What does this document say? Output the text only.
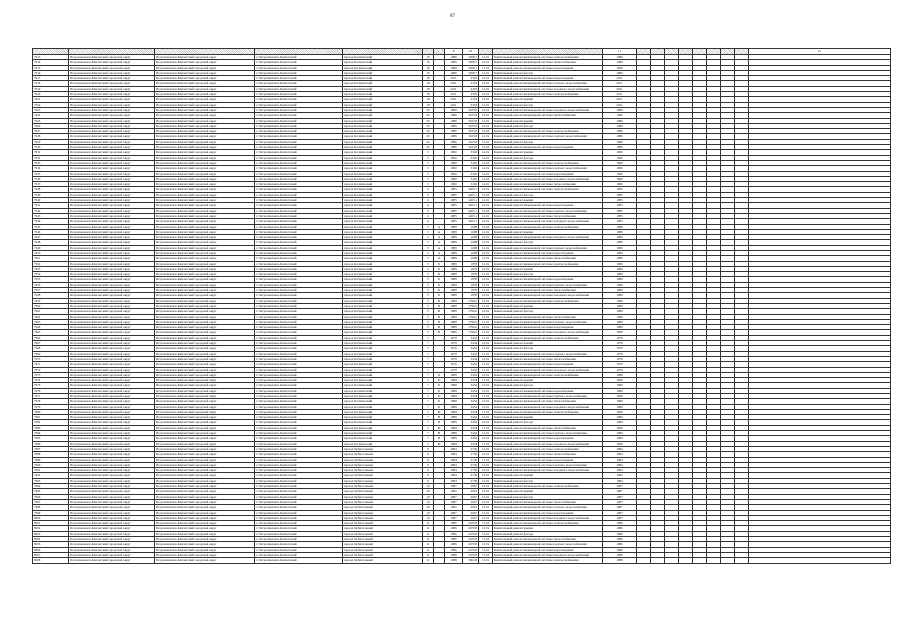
87
							8	10			11									21
7913	Петропавловск-Камчатский городской округ	Петропавловск-Камчатский городской округ	г. Петропавловск-Камчатский	проезд Космический	16		1986	3208.7	12.01	Капитальный ремонт инженерной системы электроснабжения	1986									
7914	Петропавловск-Камчатский городской округ	Петропавловск-Камчатский городской округ	г. Петропавловск-Камчатский	проезд Космический	16		1986	3208.7	12.01	Капитальный ремонт инженерной системы теплоснабжения	1986									
7915	Петропавловск-Камчатский городской округ	Петропавловск-Камчатский городской округ	г. Петропавловск-Камчатский	проезд Космический	16		1986	3208.7	12.01	Капитальный ремонт инженерной системы водоотведения	1986									
7916	Петропавловск-Камчатский городской округ	Петропавловск-Камчатский городской округ	г. Петропавловск-Камчатский	проезд Космический	16		1986	3208.7	12.01	Капитальный ремонт фасада	1986									
7917	Петропавловск-Камчатский городской округ	Петропавловск-Камчатский городской округ	г. Петропавловск-Камчатский	проезд Космический	18		2011	4303	12.01	Капитальный ремонт инженерной системы водоотведения	2011									
7918	Петропавловск-Камчатский городской округ	Петропавловск-Камчатский городской округ	г. Петропавловск-Камчатский	проезд Космический	18		2011	4303	12.01	Капитальный ремонт инженерной системы горячего водоснабжения	2011									
7919	Петропавловск-Камчатский городской округ	Петропавловск-Камчатский городской округ	г. Петропавловск-Камчатский	проезд Космический	18		2011	4303	12.01	Капитальный ремонт инженерной системы холодного водоснабжения	2011									
7920	Петропавловск-Камчатский городской округ	Петропавловск-Камчатский городской округ	г. Петропавловск-Камчатский	проезд Космический	18		2011	4303	12.01	Капитальный ремонт инженерной системы электроснабжения	2011									
7921	Петропавловск-Камчатский городской округ	Петропавловск-Камчатский городской округ	г. Петропавловск-Камчатский	проезд Космический	18		2011	4303	12.01	Капитальный ремонт крыши	2011									
7922	Петропавловск-Камчатский городской округ	Петропавловск-Камчатский городской округ	г. Петропавловск-Камчатский	проезд Космический	18		2011	4303	12.01	Капитальный ремонт фасада	2011									
7923	Петропавловск-Камчатский городской округ	Петропавловск-Камчатский городской округ	г. Петропавловск-Камчатский	проезд Космический	20		1986	3223.8	12.01	Капитальный ремонт инженерной системы холодного водоснабжения	1986									
7924	Петропавловск-Камчатский городской округ	Петропавловск-Камчатский городской округ	г. Петропавловск-Камчатский	проезд Космический	20		1986	3223.8	12.01	Капитальный ремонт инженерной системы теплоснабжения	1986									
7925	Петропавловск-Камчатский городской округ	Петропавловск-Камчатский городской округ	г. Петропавловск-Камчатский	проезд Космический	20		1986	3223.8	12.01	Капитальный ремонт крыши	1986									
7926	Петропавловск-Камчатский городской округ	Петропавловск-Камчатский городской округ	г. Петропавловск-Камчатский	проезд Космический	20		1986	3223.8	12.01	Капитальный ремонт фасада	1986									
7927	Петропавловск-Камчатский городской округ	Петропавловск-Камчатский городской округ	г. Петропавловск-Камчатский	проезд Космический	20		1986	3223.8	12.01	Капитальный ремонт инженерной системы электроснабжения	1986									
7928	Петропавловск-Камчатский городской округ	Петропавловск-Камчатский городской округ	г. Петропавловск-Камчатский	проезд Космический	20		1986	3223.8	12.01	Капитальный ремонт инженерной системы горячего водоснабжения	1986									
7929	Петропавловск-Камчатский городской округ	Петропавловск-Камчатский городской округ	г. Петропавловск-Камчатский	проезд Космический	20		1986	3223.8	12.01	Капитальный ремонт фасада	1986									
7930	Петропавловск-Камчатский городской округ	Петропавловск-Камчатский городской округ	г. Петропавловск-Камчатский	проезд Космический	20		1986	3223.8	12.01	Капитальный ремонт инженерной системы водоотведения	1986									
7931	Петропавловск-Камчатский городской округ	Петропавловск-Камчатский городской округ	г. Петропавловск-Камчатский	проезд Космический	5		1990	3326	14.01	Капитальный ремонт крыши	1990									
7932	Петропавловск-Камчатский городской округ	Петропавловск-Камчатский городской округ	г. Петропавловск-Камчатский	проезд Космический	5		1990	3326	14.01	Капитальный ремонт фасада	1990									
7933	Петропавловск-Камчатский городской округ	Петропавловск-Камчатский городской округ	г. Петропавловск-Камчатский	проезд Космический	5		1990	3326	14.01	Капитальный ремонт инженерной системы электроснабжения	1990									
7934	Петропавловск-Камчатский городской округ	Петропавловск-Камчатский городской округ	г. Петропавловск-Камчатский	проезд Космический	5		1990	3326	14.01	Капитальный ремонт инженерной системы горячего водоснабжения	1990									
7935	Петропавловск-Камчатский городской округ	Петропавловск-Камчатский городской округ	г. Петропавловск-Камчатский	проезд Космический	5		1990	3326	14.01	Капитальный ремонт инженерной системы водоотведения	1990									
7936	Петропавловск-Камчатский городской округ	Петропавловск-Камчатский городской округ	г. Петропавловск-Камчатский	проезд Космический	5		1990	3326	14.01	Капитальный ремонт инженерной системы холодного водоснабжения	1990									
7937	Петропавловск-Камчатский городской округ	Петропавловск-Камчатский городской округ	г. Петропавловск-Камчатский	проезд Космический	5		1990	3326	14.01	Капитальный ремонт инженерной системы теплоснабжения	1990									
7938	Петропавловск-Камчатский городской округ	Петропавловск-Камчатский городской округ	г. Петропавловск-Камчатский	проезд Космический	6		1985	4263.1	12.01	Капитальный ремонт инженерной системы электроснабжения	1985									
7939	Петропавловск-Камчатский городской округ	Петропавловск-Камчатский городской округ	г. Петропавловск-Камчатский	проезд Космический	6		1985	4263.1	12.01	Капитальный ремонт фасада	1985									
7940	Петропавловск-Камчатский городской округ	Петропавловск-Камчатский городской округ	г. Петропавловск-Камчатский	проезд Космический	6		1985	4263.1	12.01	Капитальный ремонт крыши	1985									
7941	Петропавловск-Камчатский городской округ	Петропавловск-Камчатский городской округ	г. Петропавловск-Камчатский	проезд Космический	6		1985	4263.1	12.01	Капитальный ремонт инженерной системы водоотведения	1985									
7942	Петропавловск-Камчатский городской округ	Петропавловск-Камчатский городской округ	г. Петропавловск-Камчатский	проезд Космический	6		1985	4263.1	12.01	Капитальный ремонт инженерной системы горячего водоснабжения	1985									
7943	Петропавловск-Камчатский городской округ	Петропавловск-Камчатский городской округ	г. Петропавловск-Камчатский	проезд Космический	6		1985	4263.1	12.01	Капитальный ремонт инженерной системы теплоснабжения	1985									
7944	Петропавловск-Камчатский городской округ	Петропавловск-Камчатский городской округ	г. Петропавловск-Камчатский	проезд Космический	6		1985	4263.1	12.01	Капитальный ремонт инженерной системы холодного водоснабжения	1985									
7945	Петропавловск-Камчатский городской округ	Петропавловск-Камчатский городской округ	г. Петропавловск-Камчатский	проезд Космический	5	А	1989	1698	12.01	Капитальный ремонт инженерной системы электроснабжения	1989									
7946	Петропавловск-Камчатский городской округ	Петропавловск-Камчатский городской округ	г. Петропавловск-Камчатский	проезд Космический	5	А	1989	1698	12.01	Капитальный ремонт крыши	1989									
7947	Петропавловск-Камчатский городской округ	Петропавловск-Камчатский городской округ	г. Петропавловск-Камчатский	проезд Космический	5	А	1989	1698	12.01	Капитальный ремонт инженерной системы холодного водоснабжения	1989									
7948	Петропавловск-Камчатский городской округ	Петропавловск-Камчатский городской округ	г. Петропавловск-Камчатский	проезд Космический	5	А	1989	1698	12.01	Капитальный ремонт фасада	1989									
7949	Петропавловск-Камчатский городской округ	Петропавловск-Камчатский городской округ	г. Петропавловск-Камчатский	проезд Космический	5	А	1989	1698	12.01	Капитальный ремонт инженерной системы горячего водоснабжения	1989									
7950	Петропавловск-Камчатский городской округ	Петропавловск-Камчатский городской округ	г. Петропавловск-Камчатский	проезд Космический	5	А	1989	1698	12.01	Капитальный ремонт инженерной системы водоотведения	1989									
7951	Петропавловск-Камчатский городской округ	Петропавловск-Камчатский городской округ	г. Петропавловск-Камчатский	проезд Космический	5	А	1989	1698	12.01	Капитальный ремонт инженерной системы теплоснабжения	1989									
7952	Петропавловск-Камчатский городской округ	Петропавловск-Камчатский городской округ	г. Петропавловск-Камчатский	проезд Космический	5	Б	1989	1878	12.01	Капитальный ремонт инженерной системы электроснабжения	1989									
7953	Петропавловск-Камчатский городской округ	Петропавловск-Камчатский городской округ	г. Петропавловск-Камчатский	проезд Космический	5	Б	1989	1878	12.01	Капитальный ремонт крыши	1989									
7954	Петропавловск-Камчатский городской округ	Петропавловск-Камчатский городской округ	г. Петропавловск-Камчатский	проезд Космический	5	Б	1989	1878	12.01	Капитальный ремонт фасада	1989									
7955	Петропавловск-Камчатский городской округ	Петропавловск-Камчатский городской округ	г. Петропавловск-Камчатский	проезд Космический	5	Б	1989	1878	12.01	Капитальный ремонт инженерной системы водоотведения	1989									
7956	Петропавловск-Камчатский городской округ	Петропавловск-Камчатский городской округ	г. Петропавловск-Камчатский	проезд Космический	5	Б	1989	1878	12.01	Капитальный ремонт инженерной системы горячего водоснабжения	1989									
7957	Петропавловск-Камчатский городской округ	Петропавловск-Камчатский городской округ	г. Петропавловск-Камчатский	проезд Космический	5	Б	1989	1878	12.01	Капитальный ремонт инженерной системы теплоснабжения	1989									
7958	Петропавловск-Камчатский городской округ	Петропавловск-Камчатский городской округ	г. Петропавловск-Камчатский	проезд Космический	5	Б	1989	1878	12.01	Капитальный ремонт инженерной системы холодного водоснабжения	1989									
7959	Петропавловск-Камчатский городской округ	Петропавловск-Камчатский городской округ	г. Петропавловск-Камчатский	проезд Космический	5	В	1989	1796.6	12.01	Капитальный ремонт инженерной системы электроснабжения	1989									
7960	Петропавловск-Камчатский городской округ	Петропавловск-Камчатский городской округ	г. Петропавловск-Камчатский	проезд Космический	5	В	1989	1796.6	12.01	Капитальный ремонт крыши	1989									
7961	Петропавловск-Камчатский городской округ	Петропавловск-Камчатский городской округ	г. Петропавловск-Камчатский	проезд Космический	5	В	1989	1796.6	12.01	Капитальный ремонт фасада	1989									
7962	Петропавловск-Камчатский городской округ	Петропавловск-Камчатский городской округ	г. Петропавловск-Камчатский	проезд Космический	5	В	1989	1796.6	12.01	Капитальный ремонт инженерной системы теплоснабжения	1989									
7963	Петропавловск-Камчатский городской округ	Петропавловск-Камчатский городской округ	г. Петропавловск-Камчатский	проезд Космический	5	В	1989	1796.6	12.01	Капитальный ремонт инженерной системы горячего водоснабжения	1989									
7964	Петропавловск-Камчатский городской округ	Петропавловск-Камчатский городской округ	г. Петропавловск-Камчатский	проезд Космический	5	В	1989	1796.6	12.01	Капитальный ремонт инженерной системы водоотведения	1989									
7965	Петропавловск-Камчатский городской округ	Петропавловск-Камчатский городской округ	г. Петропавловск-Камчатский	проезд Космический	5	В	1989	1796.6	12.01	Капитальный ремонт инженерной системы холодного водоснабжения	1989									
7966	Петропавловск-Камчатский городской округ	Петропавловск-Камчатский городской округ	г. Петропавловск-Камчатский	проезд Космический	7		1979	3434	12.01	Капитальный ремонт инженерной системы электроснабжения	1979									
7967	Петропавловск-Камчатский городской округ	Петропавловск-Камчатский городской округ	г. Петропавловск-Камчатский	проезд Космический	7		1979	3434	12.01	Капитальный ремонт крыши	1979									
7968	Петропавловск-Камчатский городской округ	Петропавловск-Камчатский городской округ	г. Петропавловск-Камчатский	проезд Космический	7		1979	3434	12.01	Капитальный ремонт фасада	1979									
7969	Петропавловск-Камчатский городской округ	Петропавловск-Камчатский городской округ	г. Петропавловск-Камчатский	проезд Космический	7		1979	3434	12.01	Капитальный ремонт инженерной системы горячего водоснабжения	1979									
7970	Петропавловск-Камчатский городской округ	Петропавловск-Камчатский городской округ	г. Петропавловск-Камчатский	проезд Космический	7		1979	3434	12.01	Капитальный ремонт инженерной системы теплоснабжения	1979									
7971	Петропавловск-Камчатский городской округ	Петропавловск-Камчатский городской округ	г. Петропавловск-Камчатский	проезд Космический	7		1979	3434	12.01	Капитальный ремонт инженерной системы водоотведения	1979									
7972	Петропавловск-Камчатский городской округ	Петропавловск-Камчатский городской округ	г. Петропавловск-Камчатский	проезд Космический	7		1979	3434	12.01	Капитальный ремонт инженерной системы холодного водоснабжения	1979									
7973	Петропавловск-Камчатский городской округ	Петропавловск-Камчатский городской округ	г. Петропавловск-Камчатский	проезд Космический	7	Б	1989	3454	12.01	Капитальный ремонт инженерной системы электроснабжения	1989									
7974	Петропавловск-Камчатский городской округ	Петропавловск-Камчатский городской округ	г. Петропавловск-Камчатский	проезд Космический	7	Б	1989	3454	12.01	Капитальный ремонт крыши	1989									
7975	Петропавловск-Камчатский городской округ	Петропавловск-Камчатский городской округ	г. Петропавловск-Камчатский	проезд Космический	7	Б	1989	3454	12.01	Капитальный ремонт фасада	1989									
7976	Петропавловск-Камчатский городской округ	Петропавловск-Камчатский городской округ	г. Петропавловск-Камчатский	проезд Космический	7	Б	1989	3454	12.01	Капитальный ремонт инженерной системы водоотведения	1989									
7977	Петропавловск-Камчатский городской округ	Петропавловск-Камчатский городской округ	г. Петропавловск-Камчатский	проезд Космический	7	Б	1989	3454	12.01	Капитальный ремонт инженерной системы горячего водоснабжения	1989									
7978	Петропавловск-Камчатский городской округ	Петропавловск-Камчатский городской округ	г. Петропавловск-Камчатский	проезд Космический	7	Б	1989	3454	12.01	Капитальный ремонт инженерной системы теплоснабжения	1989									
7979	Петропавловск-Камчатский городской округ	Петропавловск-Камчатский городской округ	г. Петропавловск-Камчатский	проезд Космический	7	Б	1989	3454	12.01	Капитальный ремонт инженерной системы холодного водоснабжения	1989									
7980	Петропавловск-Камчатский городской округ	Петропавловск-Камчатский городской округ	г. Петропавловск-Камчатский	проезд Космический	7	В	1989	3454	12.01	Капитальный ремонт инженерной системы электроснабжения	1989									
7981	Петропавловск-Камчатский городской округ	Петропавловск-Камчатский городской округ	г. Петропавловск-Камчатский	проезд Космический	7	В	1989	3454	12.01	Капитальный ремонт крыши	1989									
7982	Петропавловск-Камчатский городской округ	Петропавловск-Камчатский городской округ	г. Петропавловск-Камчатский	проезд Космический	7	В	1989	3454	12.01	Капитальный ремонт фасада	1989									
7983	Петропавловск-Камчатский городской округ	Петропавловск-Камчатский городской округ	г. Петропавловск-Камчатский	проезд Космический	7	В	1989	3454	12.01	Капитальный ремонт инженерной системы теплоснабжения	1989									
7984	Петропавловск-Камчатский городской округ	Петропавловск-Камчатский городской округ	г. Петропавловск-Камчатский	проезд Космический	7	В	1989	3454	12.01	Капитальный ремонт инженерной системы горячего водоснабжения	1989									
7985	Петропавловск-Камчатский городской округ	Петропавловск-Камчатский городской округ	г. Петропавловск-Камчатский	проезд Космический	7	В	1989	3454	12.01	Капитальный ремонт инженерной системы водоотведения	1989									
7986	Петропавловск-Камчатский городской округ	Петропавловск-Камчатский городской округ	г. Петропавловск-Камчатский	проезд Космический	7	В	1989	3454	12.01	Капитальный ремонт инженерной системы холодного водоснабжения	1989									
7987	Петропавловск-Камчатский городской округ	Петропавловск-Камчатский городской округ	г. Петропавловск-Камчатский	проезд Орбитальный	9		1984	2730	12.01	Капитальный ремонт инженерной системы электроснабжения	1984									
7988	Петропавловск-Камчатский городской округ	Петропавловск-Камчатский городской округ	г. Петропавловск-Камчатский	проезд Орбитальный	9		1984	2730	12.01	Капитальный ремонт инженерной системы теплоснабжения	1984									
7989	Петропавловск-Камчатский городской округ	Петропавловск-Камчатский городской округ	г. Петропавловск-Камчатский	проезд Орбитальный	9		1984	2730	12.01	Капитальный ремонт инженерной системы водоотведения	1984									
7990	Петропавловск-Камчатский городской округ	Петропавловск-Камчатский городской округ	г. Петропавловск-Камчатский	проезд Орбитальный	9		1984	2730	12.01	Капитальный ремонт инженерной системы горячего водоснабжения	1984									
7991	Петропавловск-Камчатский городской округ	Петропавловск-Камчатский городской округ	г. Петропавловск-Камчатский	проезд Орбитальный	9		1984	2730	12.01	Капитальный ремонт инженерной системы холодного водоснабжения	1984									
7992	Петропавловск-Камчатский городской округ	Петропавловск-Камчатский городской округ	г. Петропавловск-Камчатский	проезд Орбитальный	9		1984	2730	12.01	Капитальный ремонт крыши	1984									
7993	Петропавловск-Камчатский городской округ	Петропавловск-Камчатский городской округ	г. Петропавловск-Камчатский	проезд Орбитальный	9		1984	2730	12.01	Капитальный ремонт фасада	1984									
7994	Петропавловск-Камчатский городской округ	Петропавловск-Камчатский городской округ	г. Петропавловск-Камчатский	проезд Орбитальный	10		1987	2967	13.01	Капитальный ремонт инженерной системы электроснабжения	1987									
7995	Петропавловск-Камчатский городской округ	Петропавловск-Камчатский городской округ	г. Петропавловск-Камчатский	проезд Орбитальный	10		1987	2967	13.01	Капитальный ремонт крыши	1987									
7996	Петропавловск-Камчатский городской округ	Петропавловск-Камчатский городской округ	г. Петропавловск-Камчатский	проезд Орбитальный	10		1987	2967	13.01	Капитальный ремонт фасада	1987									
7997	Петропавловск-Камчатский городской округ	Петропавловск-Камчатский городской округ	г. Петропавловск-Камчатский	проезд Орбитальный	10		1987	2967	13.01	Капитальный ремонт инженерной системы теплоснабжения	1987									
7998	Петропавловск-Камчатский городской округ	Петропавловск-Камчатский городской округ	г. Петропавловск-Камчатский	проезд Орбитальный	10		1987	2967	13.01	Капитальный ремонт инженерной системы горячего водоснабжения	1987									
7999	Петропавловск-Камчатский городской округ	Петропавловск-Камчатский городской округ	г. Петропавловск-Камчатский	проезд Орбитальный	10		1987	2967	13.01	Капитальный ремонт инженерной системы водоотведения	1987									
8000	Петропавловск-Камчатский городской округ	Петропавловск-Камчатский городской округ	г. Петропавловск-Камчатский	проезд Орбитальный	10		1987	2967	13.01	Капитальный ремонт инженерной системы холодного водоснабжения	1987									
8001	Петропавловск-Камчатский городской округ	Петропавловск-Камчатский городской округ	г. Петропавловск-Камчатский	проезд Орбитальный	11		1986	2479.8	13.01	Капитальный ремонт инженерной системы электроснабжения	1986									
8002	Петропавловск-Камчатский городской округ	Петропавловск-Камчатский городской округ	г. Петропавловск-Камчатский	проезд Орбитальный	11		1986	2479.8	13.01	Капитальный ремонт крыши	1986									
8003	Петропавловск-Камчатский городской округ	Петропавловск-Камчатский городской округ	г. Петропавловск-Камчатский	проезд Орбитальный	11		1986	2479.8	13.01	Капитальный ремонт фасада	1986									
8004	Петропавловск-Камчатский городской округ	Петропавловск-Камчатский городской округ	г. Петропавловск-Камчатский	проезд Орбитальный	11		1986	2479.8	13.01	Капитальный ремонт инженерной системы теплоснабжения	1986									
8005	Петропавловск-Камчатский городской округ	Петропавловск-Камчатский городской округ	г. Петропавловск-Камчатский	проезд Орбитальный	11		1986	2479.8	13.01	Капитальный ремонт инженерной системы горячего водоснабжения	1986									
8006	Петропавловск-Камчатский городской округ	Петропавловск-Камчатский городской округ	г. Петропавловск-Камчатский	проезд Орбитальный	11		1986	2479.8	13.01	Капитальный ремонт инженерной системы водоотведения	1986									
8007	Петропавловск-Камчатский городской округ	Петропавловск-Камчатский городской округ	г. Петропавловск-Камчатский	проезд Орбитальный	11		1986	2479.8	13.01	Капитальный ремонт инженерной системы холодного водоснабжения	1986									
8008	Петропавловск-Камчатский городской округ	Петропавловск-Камчатский городской округ	г. Петропавловск-Камчатский	проезд Орбитальный	12		1988	3064.8	13.01	Капитальный ремонт инженерной системы электроснабжения	1988									
